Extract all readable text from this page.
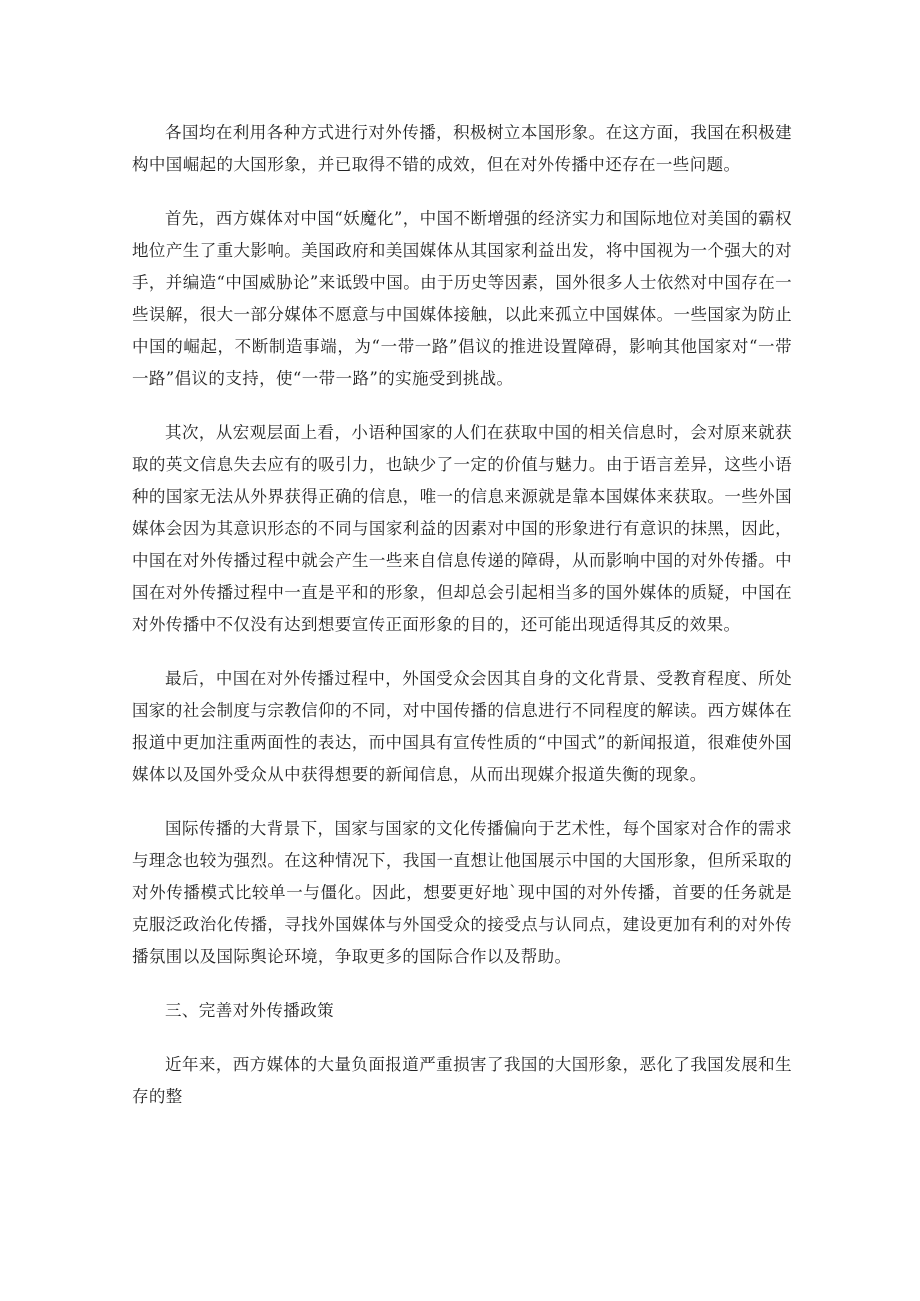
各国均在利用各种方式进行对外传播，积极树立本国形象。在这方面，我国在积极建构中国崛起的大国形象，并已取得不错的成效，但在对外传播中还存在一些问题。

首先，西方媒体对中国“妖魔化”，中国不断增强的经济实力和国际地位对美国的霸权地位产生了重大影响。美国政府和美国媒体从其国家利益出发，将中国视为一个强大的对手，并编造“中国威胁论”来诋毁中国。由于历史等因素，国外很多人士依然对中国存在一些误解，很大一部分媒体不愿意与中国媒体接触，以此来孤立中国媒体。一些国家为防止中国的崛起，不断制造事端，为“一带一路”倡议的推进设置障碍，影响其他国家对“一带一路”倡议的支持，使“一带一路”的实施受到挑战。

其次，从宏观层面上看，小语种国家的人们在获取中国的相关信息时，会对原来就获取的英文信息失去应有的吸引力，也缺少了一定的价值与魅力。由于语言差异，这些小语种的国家无法从外界获得正确的信息，唯一的信息来源就是靠本国媒体来获取。一些外国媒体会因为其意识形态的不同与国家利益的因素对中国的形象进行有意识的抹黑，因此，中国在对外传播过程中就会产生一些来自信息传递的障碍，从而影响中国的对外传播。中国在对外传播过程中一直是平和的形象，但却总会引起相当多的国外媒体的质疑，中国在对外传播中不仅没有达到想要宣传正面形象的目的，还可能出现适得其反的效果。

最后，中国在对外传播过程中，外国受众会因其自身的文化背景、受教育程度、所处国家的社会制度与宗教信仰的不同，对中国传播的信息进行不同程度的解读。西方媒体在报道中更加注重两面性的表达，而中国具有宣传性质的“中国式”的新闻报道，很难使外国媒体以及国外受众从中获得想要的新闻信息，从而出现媒介报道失衡的现象。

国际传播的大背景下，国家与国家的文化传播偏向于艺术性，每个国家对合作的需求与理念也较为强烈。在这种情况下，我国一直想让他国展示中国的大国形象，但所采取的对外传播模式比较单一与僵化。因此，想要更好地`现中国的对外传播，首要的任务就是克服泛政治化传播，寻找外国媒体与外国受众的接受点与认同点，建设更加有利的对外传播氛围以及国际舆论环境，争取更多的国际合作以及帮助。

三、完善对外传播政策

近年来，西方媒体的大量负面报道严重损害了我国的大国形象，恶化了我国发展和生存的整
